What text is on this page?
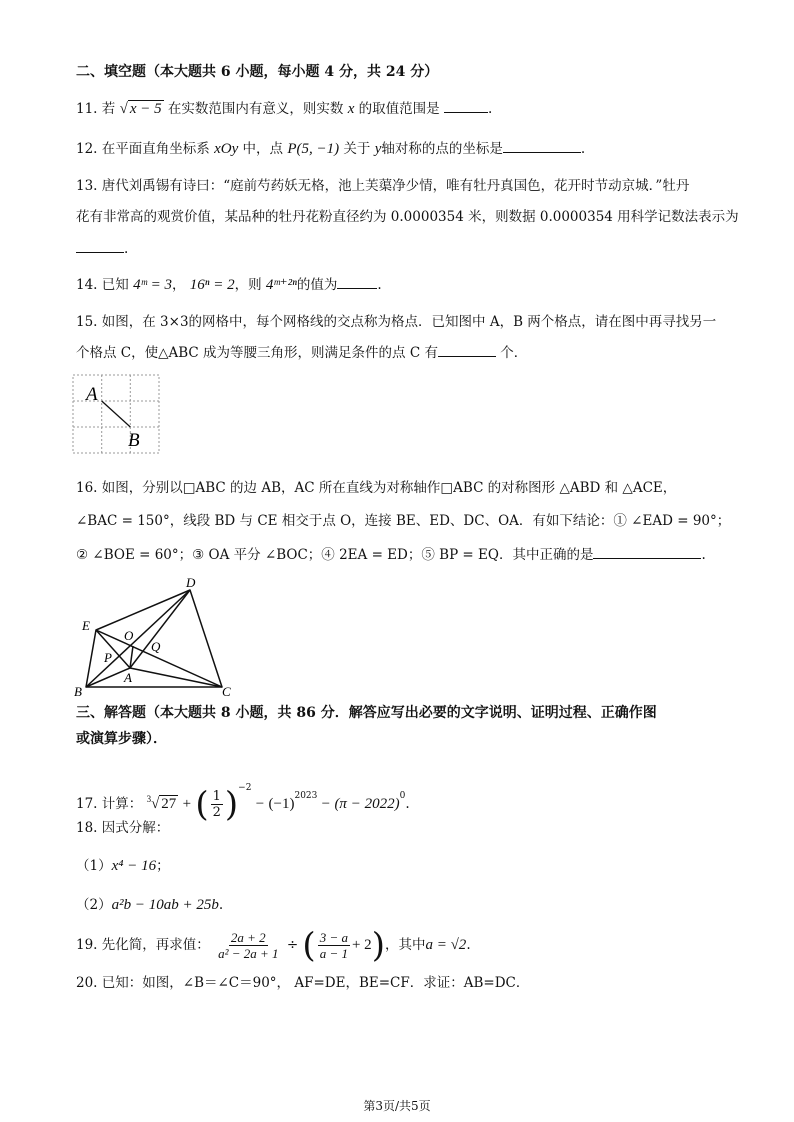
二、填空题（本大题共 6 小题，每小题 4 分，共 24 分）
11. 若 √ x − 5 在实数范围内有意义，则实数 x 的取值范围是	.
12. 在平面直角坐标系 xOy 中，点 P(5, −1) 关于 y轴对称的点的坐标是	.
13. 唐代刘禹锡有诗曰：“庭前芍药妖无格，池上芙蕖净少情，唯有牡丹真国色，花开时节动京城．”牡丹
花有非常高的观赏价值，某品种的牡丹花粉直径约为 0.0000354 米，则数据 0.0000354 用科学记数法表示为
.
14. 已知 4ᵐ = 3， 16ⁿ = 2，则 4ᵐ⁺²ⁿ的值为	.
15. 如图，在 3×3的网格中，每个网格线的交点称为格点．已知图中 A，B 两个格点，请在图中再寻找另一
个格点 C，使△ABC 成为等腰三角形，则满足条件的点 C 有	个．
A
B
16. 如图，分别以□ABC 的边 AB，AC 所在直线为对称轴作□ABC 的对称图形 △ABD 和 △ACE，
∠BAC = 150°，线段 BD 与 CE 相交于点 O，连接 BE、ED、DC、OA．有如下结论：① ∠EAD = 90°；
② ∠BOE = 60°；③ OA 平分 ∠BOC；④ 2EA = ED；⑤ BP = EQ．其中正确的是	.
D
E
O
Q
P
A
B	C
三、解答题（本大题共 8 小题，共 86 分．解答应写出必要的文字说明、证明过程、正确作图
或演算步骤）．
17. 计算： $^3$√ 27 + ( $\frac{1}{2} )^{-2} - (-1)^{2023} - (\pi - 2022)^0$.
18. 因式分解：
（1）x⁴ − 16；
（2）a²b − 10ab + 25b.
19. 先化简，再求值： $\frac{2a + 2}{\text{a² − 2a + 1}}$ ÷ ( $\frac{3 - a}{a - 1} + 2$)，其中a = √2.
20. 已知：如图，∠B＝∠C＝90°， AF=DE，BE=CF．求证：AB=DC．
第3页/共5页
